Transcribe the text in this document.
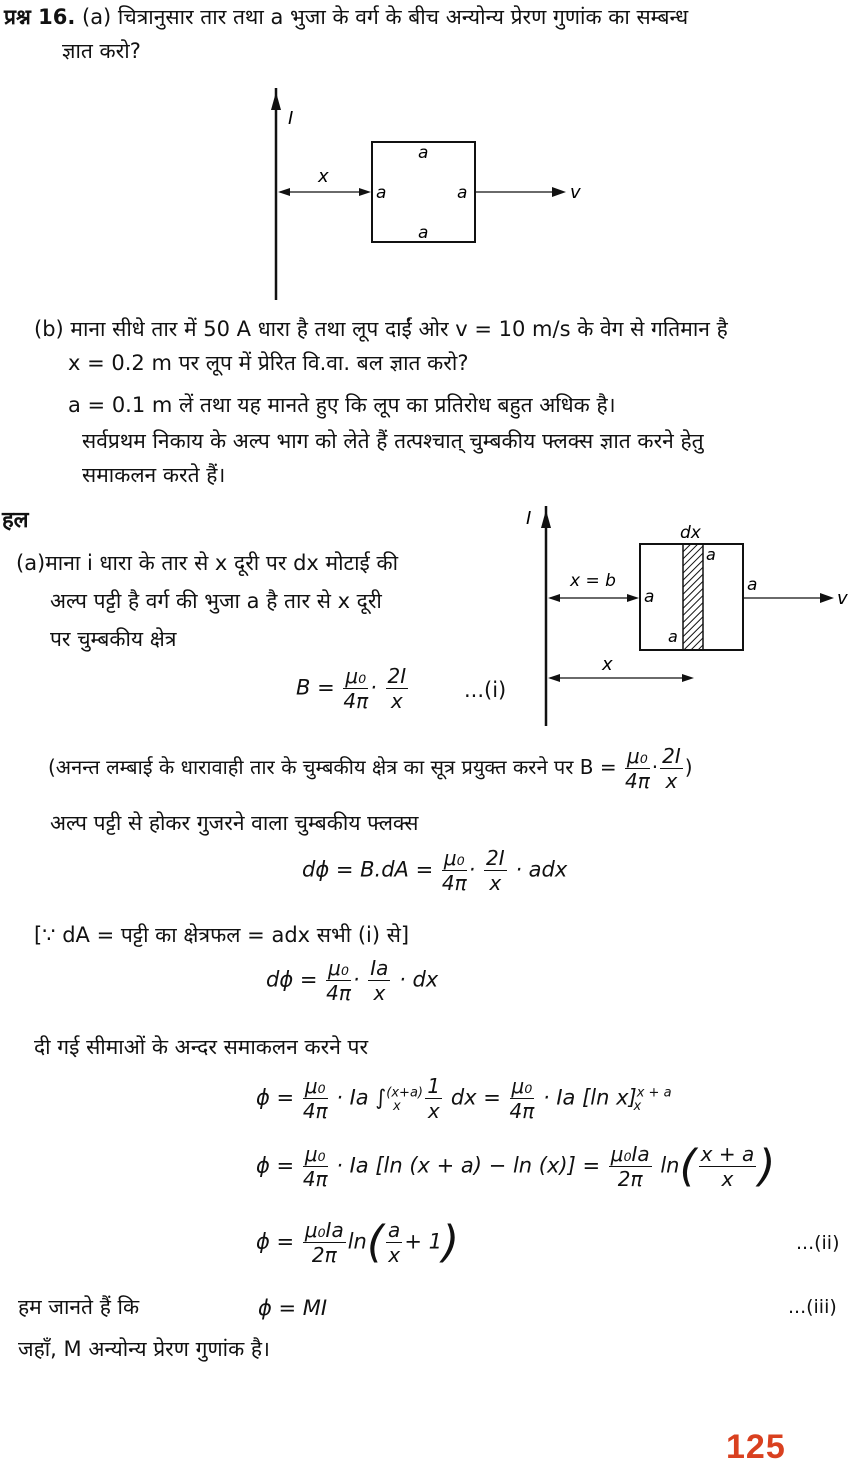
प्रश्न 16. (a) चित्रानुसार तार तथा a भुजा के वर्ग के बीच अन्योन्य प्रेरण गुणांक का सम्बन्ध
ज्ञात करो?
I
x
a
a	a
a
v
(b) माना सीधे तार में 50 A धारा है तथा लूप दाईं ओर v = 10 m/s के वेग से गतिमान है
x = 0.2 m पर लूप में प्रेरित वि.वा. बल ज्ञात करो?
a = 0.1 m लें तथा यह मानते हुए कि लूप का प्रतिरोध बहुत अधिक है।
सर्वप्रथम निकाय के अल्प भाग को लेते हैं तत्पश्चात् चुम्बकीय फ्लक्स ज्ञात करने हेतु
समाकलन करते हैं।
हल
(a)माना i धारा के तार से x दूरी पर dx मोटाई की
अल्प पट्टी है वर्ग की भुजा a है तार से x दूरी
पर चुम्बकीय क्षेत्र
I
dx
x = b
a
a
a
a
v
x
$B = \frac{\text{μ₀}}{4\pi} \cdot \frac{2I}{x}$	...(i)
(अनन्त लम्बाई के धारावाही तार के चुम्बकीय क्षेत्र का सूत्र प्रयुक्त करने पर $B = \frac{\text{μ₀}}{4\pi} \cdot \frac{2I}{x}$ )
अल्प पट्टी से होकर गुजरने वाला चुम्बकीय फ्लक्स
$d\phi = B.dA = \frac{\text{μ₀}}{4\pi} \cdot \frac{2I}{x}$ · adx
[∵ dA = पट्टी का क्षेत्रफल = adx सभी (i) से]
$d\phi = \frac{\text{μ₀}}{4\pi} \cdot \frac{Ia}{x}$ · dx
दी गई सीमाओं के अन्दर समाकलन करने पर
$\phi = \frac{\text{μ₀}}{4\pi} \cdot Ia$ $\int^{(x+a)}_x \frac{1}{x}$ dx = $\frac{\text{μ₀}}{4\pi} \cdot Ia$ [ln x]$^{x + a}_x$
$\phi = \frac{\text{μ₀}}{4\pi} \cdot Ia$ [ln $(x + a) - \ln (x)] = \frac{\text{μ₀Ia}}{2\pi} \ln( \frac{x + a}{x}$ )
$\phi = \frac{\text{μ₀Ia}}{2\pi} \ln( \frac{a}{x} + 1)$	...(ii)
हम जानते हैं कि	ϕ = MI	...(iii)
जहाँ, M अन्योन्य प्रेरण गुणांक है।
125
